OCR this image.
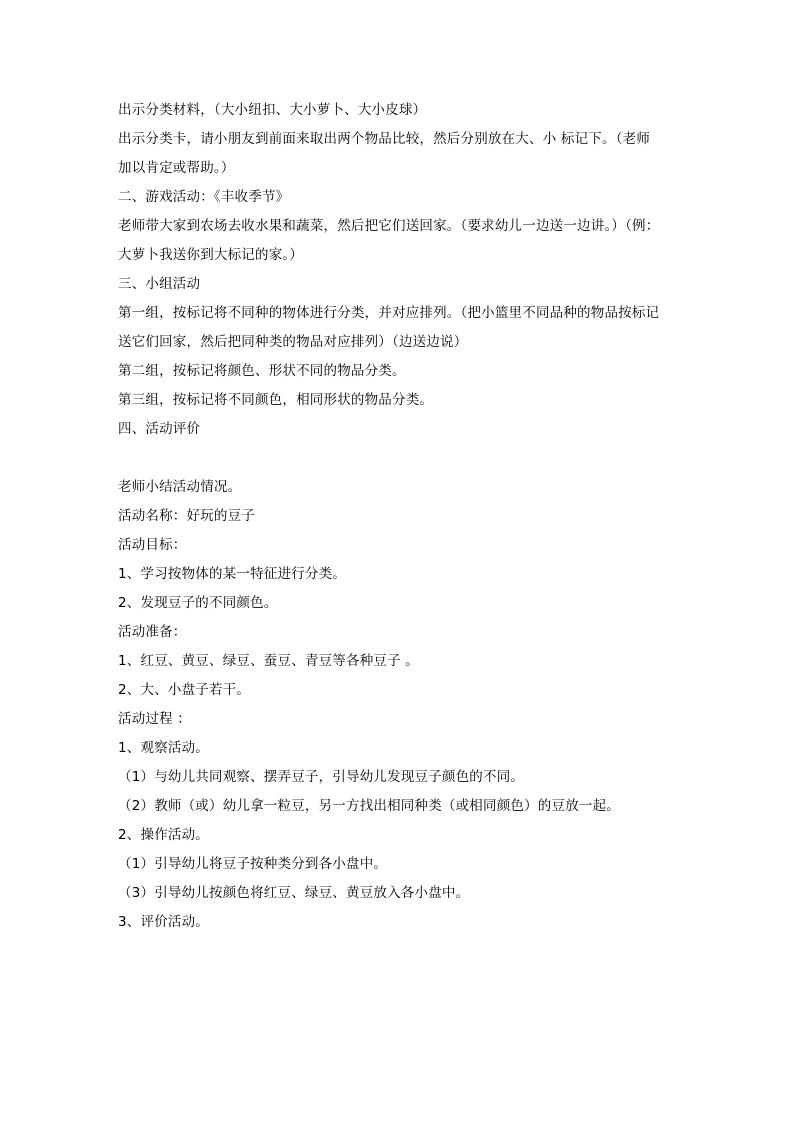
出示分类材料，（大小纽扣、大小萝卜、大小皮球）
出示分类卡，请小朋友到前面来取出两个物品比较，然后分别放在大、小 标记下。（老师
加以肯定或帮助。）
二、游戏活动：《丰收季节》
老师带大家到农场去收水果和蔬菜，然后把它们送回家。（要求幼儿一边送一边讲。）（例：
大萝卜我送你到大标记的家。）
三、小组活动
第一组，按标记将不同种的物体进行分类，并对应排列。（把小篮里不同品种的物品按标记
送它们回家，然后把同种类的物品对应排列）（边送边说）
第二组，按标记将颜色、形状不同的物品分类。
第三组，按标记将不同颜色，相同形状的物品分类。
四、活动评价
老师小结活动情况。
活动名称：好玩的豆子
活动目标：
1、学习按物体的某一特征进行分类。
2、发现豆子的不同颜色。
活动准备：
1、红豆、黄豆、绿豆、蚕豆、青豆等各种豆子 。
2、大、小盘子若干。
活动过程 ：
1、观察活动。
（1）与幼儿共同观察、摆弄豆子，引导幼儿发现豆子颜色的不同。
（2）教师（或）幼儿拿一粒豆，另一方找出相同种类（或相同颜色）的豆放一起。
2、操作活动。
（1）引导幼儿将豆子按种类分到各小盘中。
（3）引导幼儿按颜色将红豆、绿豆、黄豆放入各小盘中。
3、评价活动。
